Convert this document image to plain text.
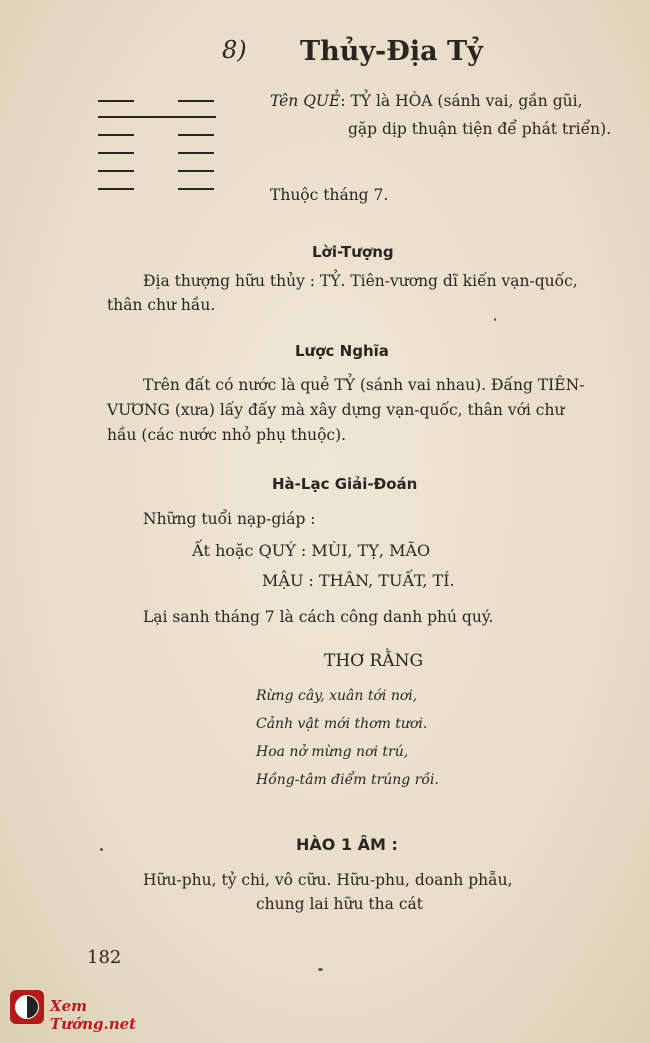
8) Thủy-Địa Tỷ
Tên QUẺ: TỶ là HÒA (sánh vai, gần gũi,
gặp dịp thuận tiện để phát triển).
Thuộc tháng 7.
Lời-Tượng
Địa thượng hữu thủy : TỶ. Tiên-vương dĩ kiến vạn-quốc,
thân chư hầu.
Lược Nghĩa
Trên đất có nước là quẻ TỶ (sánh vai nhau). Đấng TIÊN-
VƯƠNG (xưa) lấy đấy mà xây dựng vạn-quốc, thân với chư
hầu (các nước nhỏ phụ thuộc).
Hà-Lạc Giải-Đoán
Những tuổi nạp-giáp :
Ất hoặc QUÝ : MÙI, TỴ, MÃO
MẬU : THÂN, TUẤT, TÍ.
Lại sanh tháng 7 là cách công danh phú quý.
THƠ RẰNG
Rừng cây, xuân tới nơi,
Cảnh vật mới thơm tươi.
Hoa nở mừng nơi trú,
Hồng-tâm điểm trúng rồi.
HÀO 1 ÂM :
Hữu-phu, tỷ chi, vô cữu. Hữu-phu, doanh phẫu,
chung lai hữu tha cát
182
Xem Tướng.net
